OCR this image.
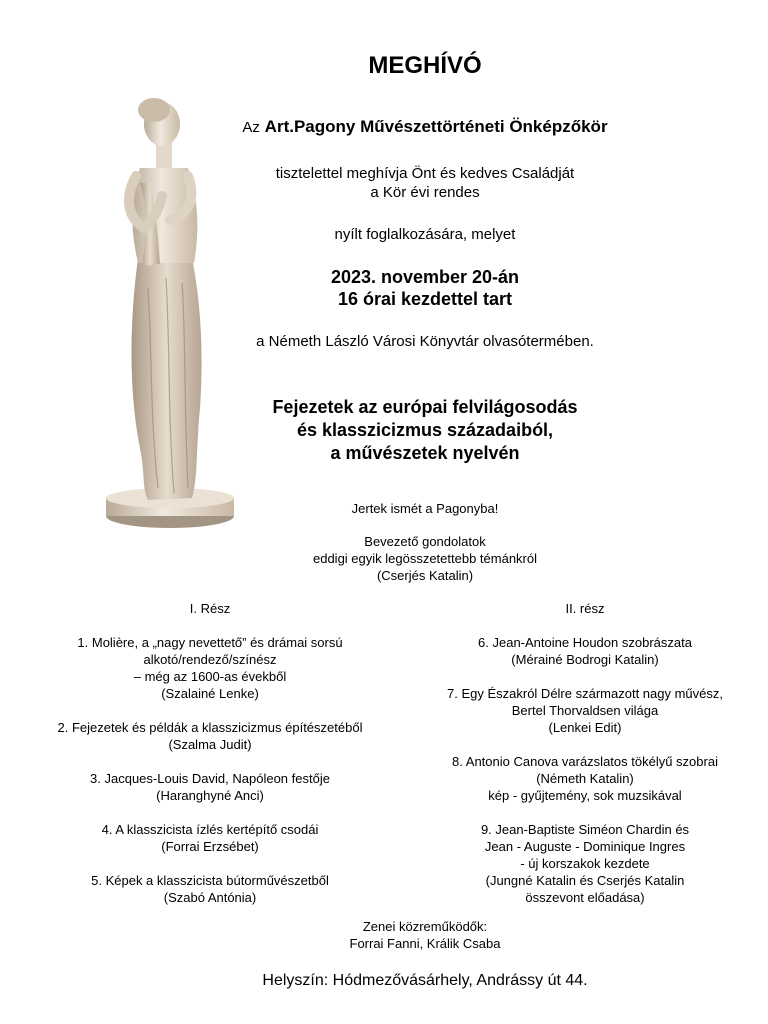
MEGHÍVÓ
Az Art.Pagony Művészettörténeti Önképzőkör
tisztelettel meghívja Önt és kedves Családját
a Kör évi rendes
nyílt foglalkozására, melyet
2023. november 20-án
16 órai kezdettel tart
a Németh László Városi Könyvtár olvasótermében.
Fejezetek az európai felvilágosodás
és klasszicizmus századaiból,
a művészetek nyelvén
Jertek ismét a Pagonyba!
Bevezető gondolatok
eddigi egyik legösszetettebb témánkról
(Cserjés Katalin)
I. Rész
1. Molière, a „nagy nevettető” és drámai sorsú
alkotó/rendező/színész
– még az 1600-as évekből
(Szalainé Lenke)
2. Fejezetek és példák a klasszicizmus építészetéből
(Szalma Judit)
3. Jacques-Louis David, Napóleon festője
(Haranghyné Anci)
4. A klasszicista ízlés kertépítő csodái
(Forrai Erzsébet)
5. Képek a klasszicista bútorművészetből
(Szabó Antónia)
II. rész
6. Jean-Antoine Houdon szobrászata
(Mérainé Bodrogi Katalin)
7. Egy Északról Délre származott nagy művész,
Bertel Thorvaldsen világa
(Lenkei Edit)
8. Antonio Canova varázslatos tökélyű szobrai
(Németh Katalin)
kép - gyűjtemény, sok muzsikával
9. Jean-Baptiste Siméon Chardin és
Jean - Auguste - Dominique Ingres
- új korszakok kezdete
(Jungné Katalin és Cserjés Katalin
összevont előadása)
Zenei közreműködők:
Forrai Fanni, Králik Csaba
Helyszín: Hódmezővásárhely, Andrássy út 44.
